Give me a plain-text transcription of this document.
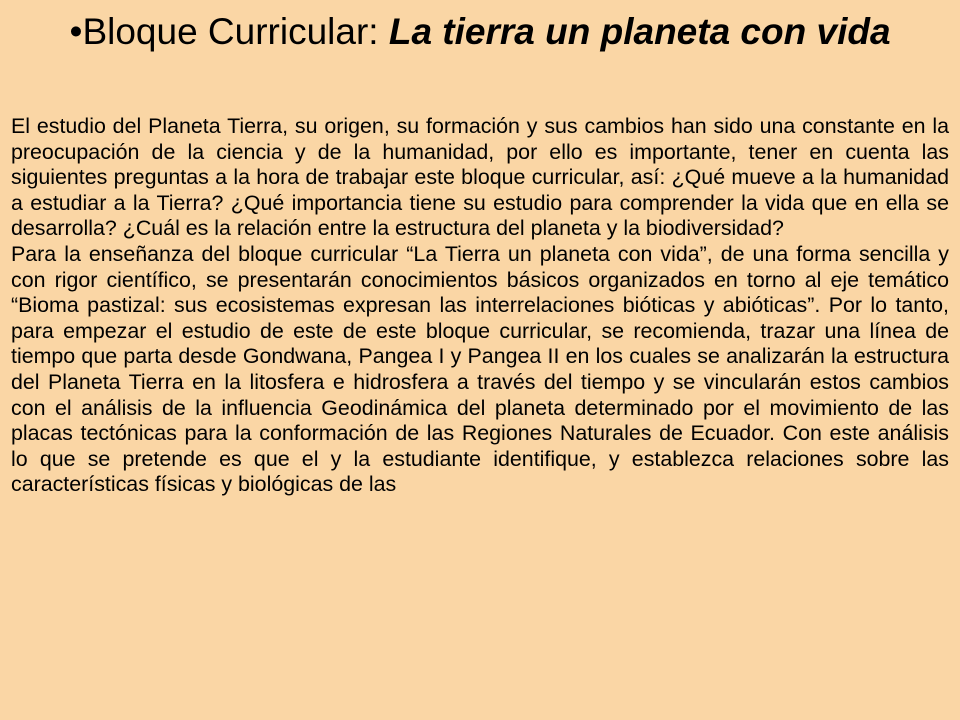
•Bloque Curricular: La tierra un planeta con vida

El estudio del Planeta Tierra, su origen, su formación y sus cambios han sido una constante en la preocupación de la ciencia y de la humanidad, por ello es importante, tener en cuenta las siguientes preguntas a la hora de trabajar este bloque curricular, así: ¿Qué mueve a la humanidad a estudiar a la Tierra? ¿Qué importancia tiene su estudio para comprender la vida que en ella se desarrolla? ¿Cuál es la relación entre la estructura del planeta y la biodiversidad?

Para la enseñanza del bloque curricular “La Tierra un planeta con vida”, de una forma sencilla y con rigor científico, se presentarán conocimientos básicos organizados en torno al eje temático “Bioma pastizal: sus ecosistemas expresan las interrelaciones bióticas y abióticas”. Por lo tanto, para empezar el estudio de este de este bloque curricular, se recomienda, trazar una línea de tiempo que parta desde Gondwana, Pangea I y Pangea II en los cuales se analizarán la estructura del Planeta Tierra en la litosfera e hidrosfera a través del tiempo y se vincularán estos cambios con el análisis de la influencia Geodinámica del planeta determinado por el movimiento de las placas tectónicas para la conformación de las Regiones Naturales de Ecuador. Con este análisis lo que se pretende es que el y la estudiante identifique, y establezca relaciones sobre las características físicas y biológicas de las
